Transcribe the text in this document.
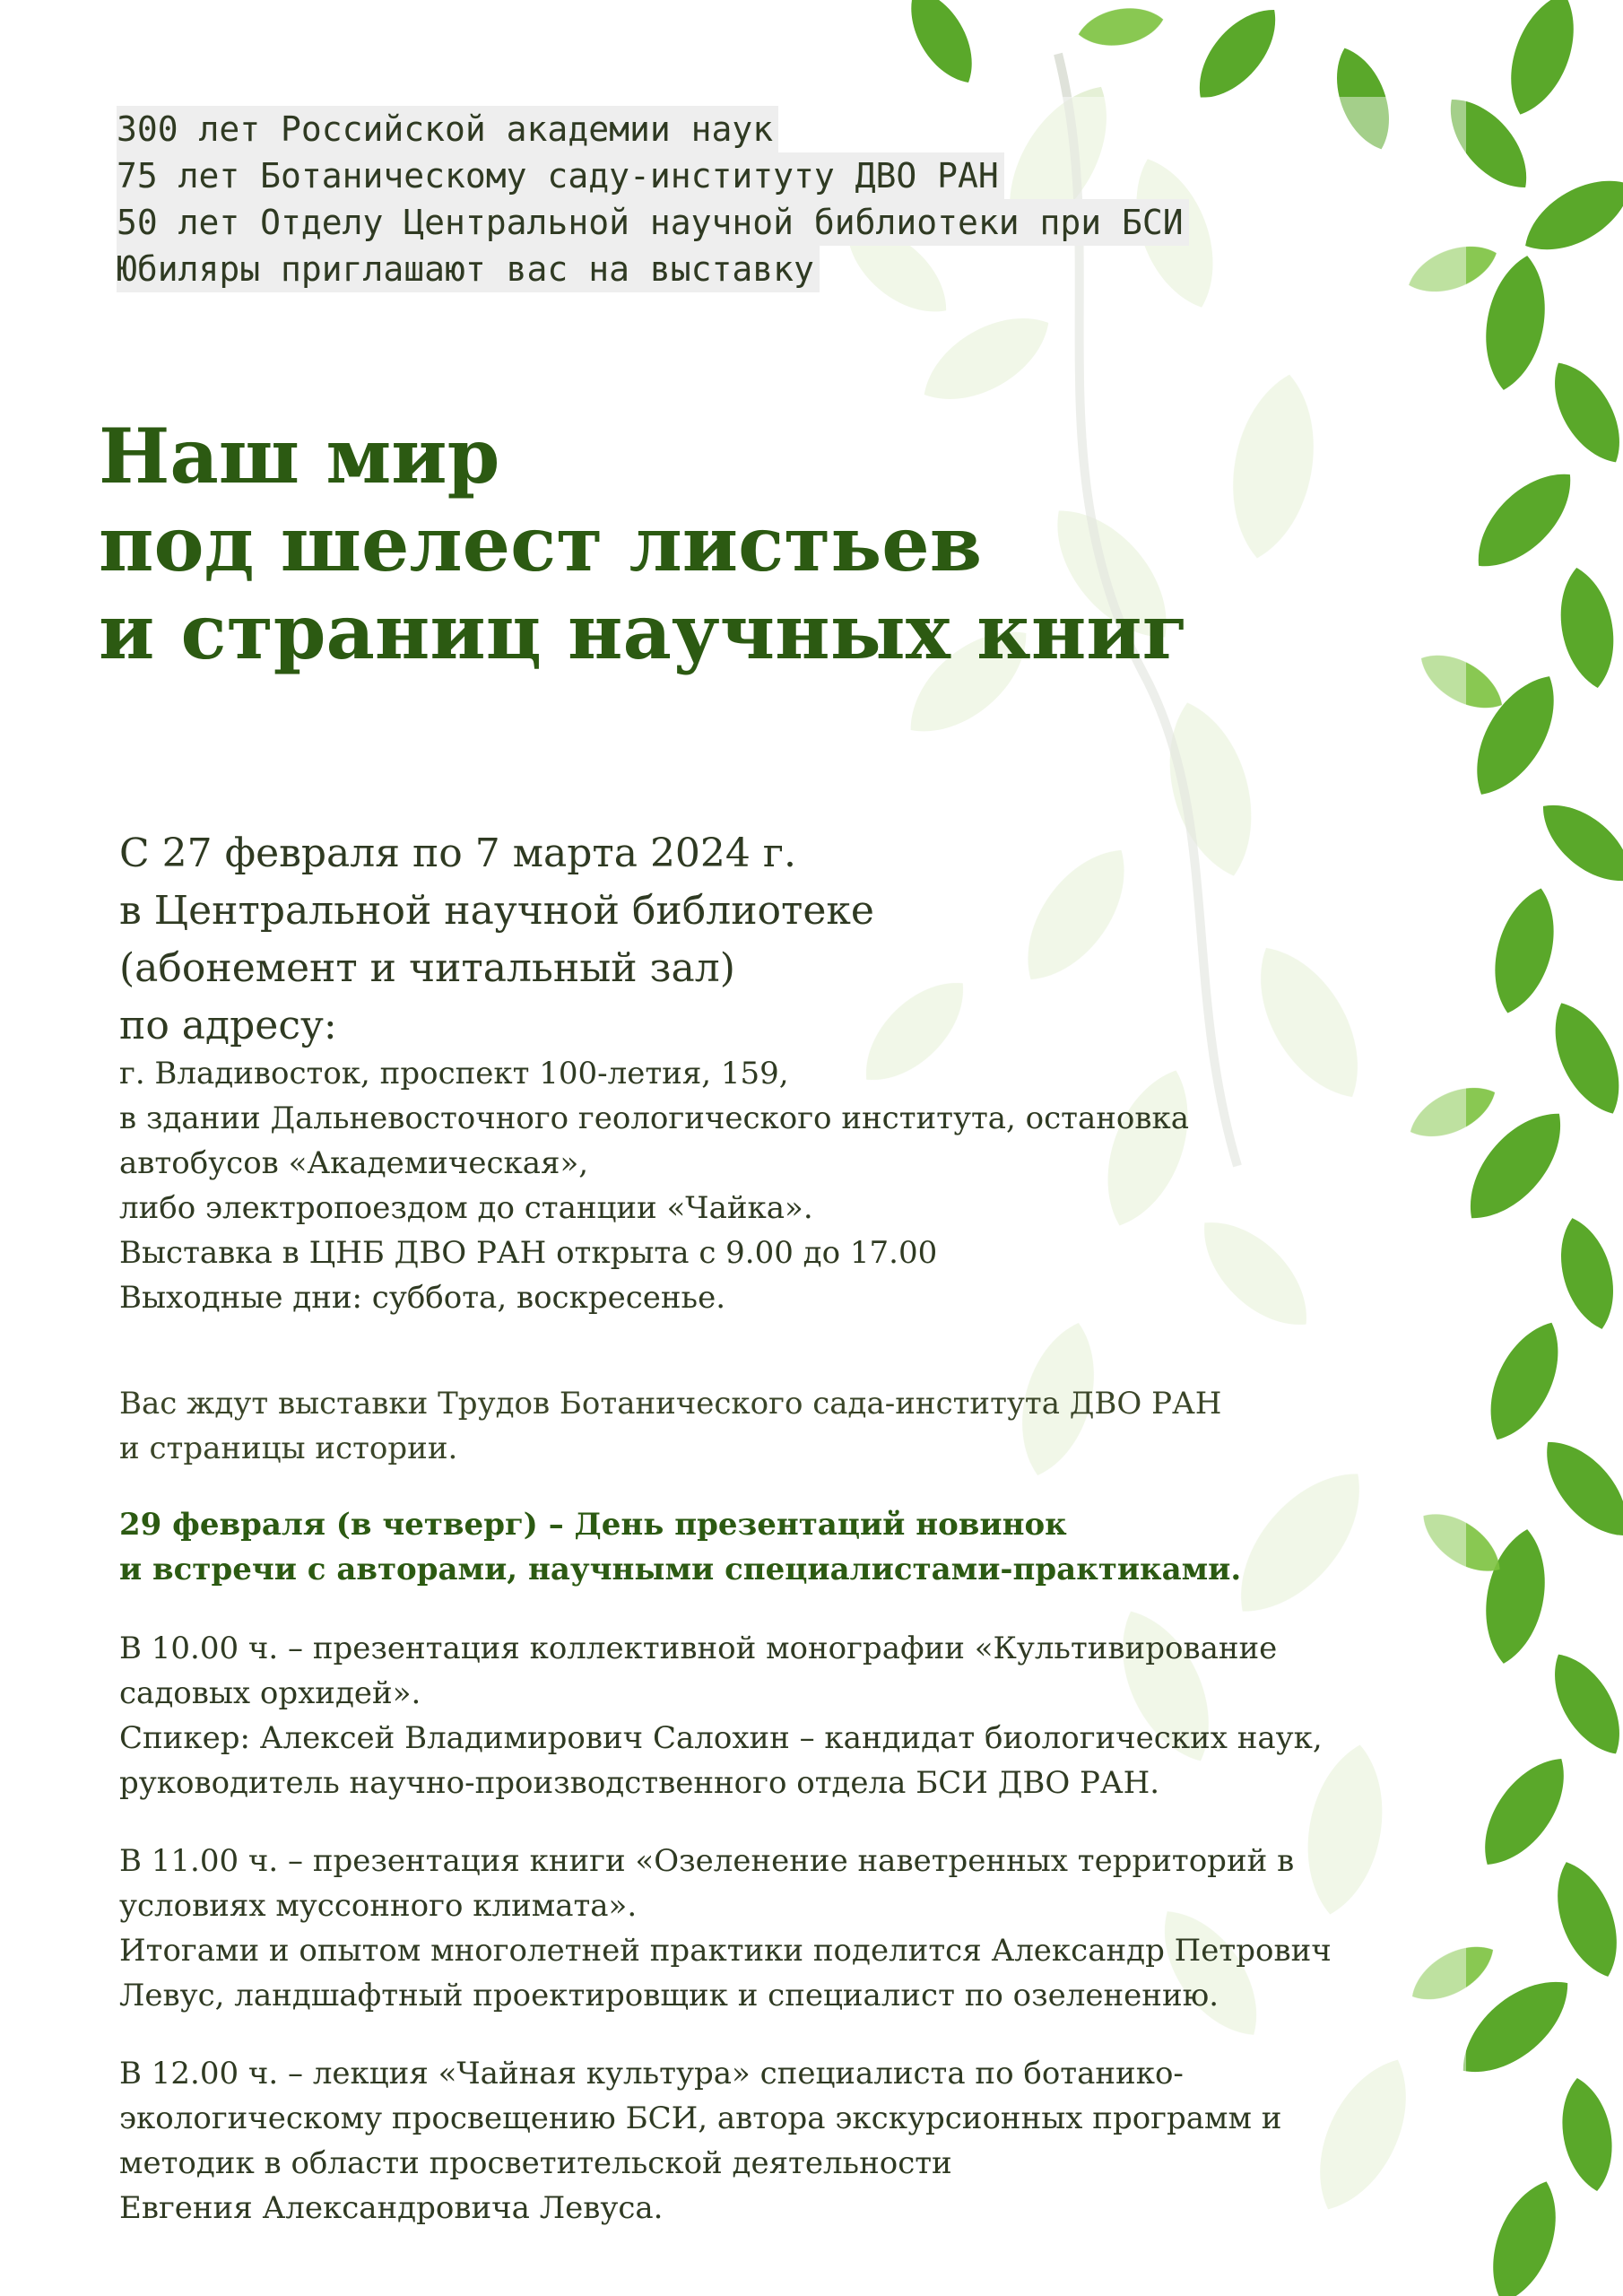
300 лет Российской академии наук
75 лет Ботаническому саду-институту ДВО РАН
50 лет Отделу Центральной научной библиотеки при БСИ
Юбиляры приглашают вас на выставку
Наш мир
под шелест листьев
и страниц научных книг
С 27 февраля по 7 марта 2024 г.
в Центральной научной библиотеке
(абонемент и читальный зал)
по адресу:
г. Владивосток, проспект 100-летия, 159,
в здании Дальневосточного геологического института, остановка
автобусов «Академическая»,
либо электропоездом до станции «Чайка».
Выставка в ЦНБ ДВО РАН открыта с 9.00 до 17.00
Выходные дни: суббота, воскресенье.
Вас ждут выставки Трудов Ботанического сада-института ДВО РАН
и страницы истории.
29 февраля (в четверг) – День презентаций новинок
и встречи с авторами, научными специалистами-практиками.
В 10.00 ч. – презентация коллективной монографии «Культивирование
садовых орхидей».
Спикер: Алексей Владимирович Салохин – кандидат биологических наук,
руководитель научно-производственного отдела БСИ ДВО РАН.
В 11.00 ч. – презентация книги «Озеленение наветренных территорий в
условиях муссонного климата».
Итогами и опытом многолетней практики поделится Александр Петрович
Левус, ландшафтный проектировщик и специалист по озеленению.
В 12.00 ч. – лекция «Чайная культура» специалиста по ботанико-
экологическому просвещению БСИ, автора экскурсионных программ и
методик в области просветительской деятельности
Евгения Александровича Левуса.
